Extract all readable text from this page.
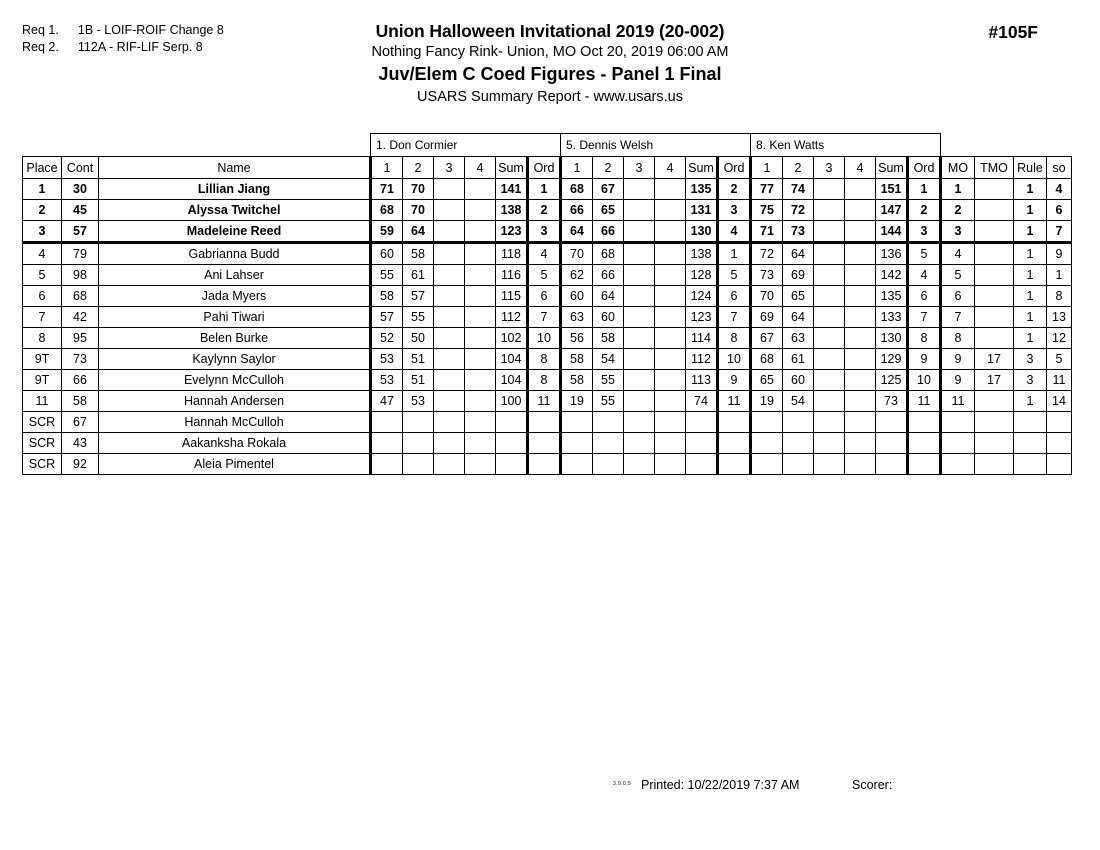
Req 1. 1B - LOIF-ROIF Change 8
Req 2. 112A - RIF-LIF Serp. 8
Union Halloween Invitational 2019 (20-002)
Nothing Fancy Rink- Union, MO Oct 20, 2019 06:00 AM
Juv/Elem C Coed Figures - Panel 1 Final
USARS Summary Report - www.usars.us
#105F
			1. Don Cormier						5. Dennis Welsh						8. Ken Watts									
Place	Cont	Name	1	2	3	4	Sum	Ord	1	2	3	4	Sum	Ord	1	2	3	4	Sum	Ord	MO	TMO	Rule	so
1	30	Lillian Jiang	71	70			141	1	68	67			135	2	77	74			151	1	1		1	4
2	45	Alyssa Twitchel	68	70			138	2	66	65			131	3	75	72			147	2	2		1	6
3	57	Madeleine Reed	59	64			123	3	64	66			130	4	71	73			144	3	3		1	7
4	79	Gabrianna Budd	60	58			118	4	70	68			138	1	72	64			136	5	4		1	9
5	98	Ani Lahser	55	61			116	5	62	66			128	5	73	69			142	4	5		1	1
6	68	Jada Myers	58	57			115	6	60	64			124	6	70	65			135	6	6		1	8
7	42	Pahi Tiwari	57	55			112	7	63	60			123	7	69	64			133	7	7		1	13
8	95	Belen Burke	52	50			102	10	56	58			114	8	67	63			130	8	8		1	12
9T	73	Kaylynn Saylor	53	51			104	8	58	54			112	10	68	61			129	9	9	17	3	5
9T	66	Evelynn McCulloh	53	51			104	8	58	55			113	9	65	60			125	10	9	17	3	11
11	58	Hannah Andersen	47	53			100	11	19	55			74	11	19	54			73	11	11		1	14
SCR	67	Hannah McCulloh																						
SCR	43	Aakanksha Rokala																						
SCR	92	Aleia Pimentel																						
3.9.0.5 Printed: 10/22/2019 7:37 AM	Scorer:
